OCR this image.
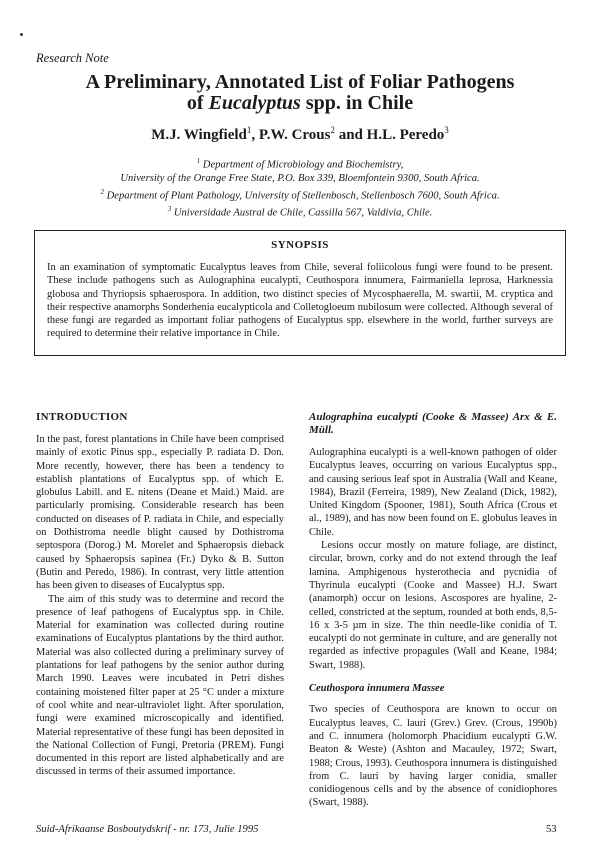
Research Note
A Preliminary, Annotated List of Foliar Pathogens
of Eucalyptus spp. in Chile
M.J. Wingfield$^1$, P.W. Crous$^2$ and H.L. Peredo$^3$
$^1$ Department of Microbiology and Biochemistry,
University of the Orange Free State, P.O. Box 339, Bloemfontein 9300, South Africa.
$^2$ Department of Plant Pathology, University of Stellenbosch, Stellenbosch 7600, South Africa.
$^3$ Universidade Austral de Chile, Cassilla 567, Valdivia, Chile.
SYNOPSIS

In an examination of symptomatic Eucalyptus leaves from Chile, several foliicolous fungi were found to be present. These include pathogens such as Aulographina eucalypti, Ceuthospora innumera, Fairmaniella leprosa, Harknessia globosa and Thyriopsis sphaerospora. In addition, two distinct species of Mycosphaerella, M. swartii, M. cryptica and their respective anamorphs Sonderhenia eucalypticola and Colletogloeum nubilosum were collected. Although several of these fungi are regarded as important foliar pathogens of Eucalyptus spp. elsewhere in the world, further surveys are required to determine their relative importance in Chile.

INTRODUCTION

In the past, forest plantations in Chile have been comprised mainly of exotic Pinus spp., especially P. radiata D. Don. More recently, however, there has been a tendency to establish plantations of Eucalyptus spp. of which E. globulus Labill. and E. nitens (Deane et Maid.) Maid. are particularly promising. Considerable research has been conducted on diseases of P. radiata in Chile, and especially on Dothistroma needle blight caused by Dothistroma septospora (Dorog.) M. Morelet and Sphaeropsis dieback caused by Sphaeropsis sapinea (Fr.) Dyko & B. Sutton (Butin and Peredo, 1986). In contrast, very little attention has been given to diseases of Eucalyptus spp.

The aim of this study was to determine and record the presence of leaf pathogens of Eucalyptus spp. in Chile. Material for examination was collected during routine examinations of Eucalyptus plantations by the third author. Material was also collected during a preliminary survey of plantations for leaf pathogens by the senior author during March 1990. Leaves were incubated in Petri dishes containing moistened filter paper at 25 °C under a mixture of cool white and near-ultraviolet light. After sporulation, fungi were examined microscopically and identified. Material representative of these fungi has been deposited in the National Collection of Fungi, Pretoria (PREM). Fungi documented in this report are listed alphabetically and are discussed in terms of their assumed importance.

Aulographina eucalypti (Cooke & Massee) Arx & E. Müll.

Aulographina eucalypti is a well-known pathogen of older Eucalyptus leaves, occurring on various Eucalyptus spp., and causing serious leaf spot in Australia (Wall and Keane, 1984), Brazil (Ferreira, 1989), New Zealand (Dick, 1982), United Kingdom (Spooner, 1981), South Africa (Crous et al., 1989), and has now been found on E. globulus leaves in Chile.

Lesions occur mostly on mature foliage, are distinct, circular, brown, corky and do not extend through the leaf lamina. Amphigenous hysterothecia and pycnidia of Thyrinula eucalypti (Cooke and Massee) H.J. Swart (anamorph) occur on lesions. Ascospores are hyaline, 2-celled, constricted at the septum, rounded at both ends, 8,5-16 x 3-5 µm in size. The thin needle-like conidia of T. eucalypti do not germinate in culture, and are generally not regarded as infective propagules (Wall and Keane, 1984; Swart, 1988).

Ceuthospora innumera Massee

Two species of Ceuthospora are known to occur on Eucalyptus leaves, C. lauri (Grev.) Grev. (Crous, 1990b) and C. innumera (holomorph Phacidium eucalypti G.W. Beaton & Weste) (Ashton and Macauley, 1972; Swart, 1988; Crous, 1993). Ceuthospora innumera is distinguished from C. lauri by having larger conidia, smaller conidiogenous cells and by the absence of conidiophores (Swart, 1988).

Suid-Afrikaanse Bosboutydskrif - nr. 173, Julie 1995	53
